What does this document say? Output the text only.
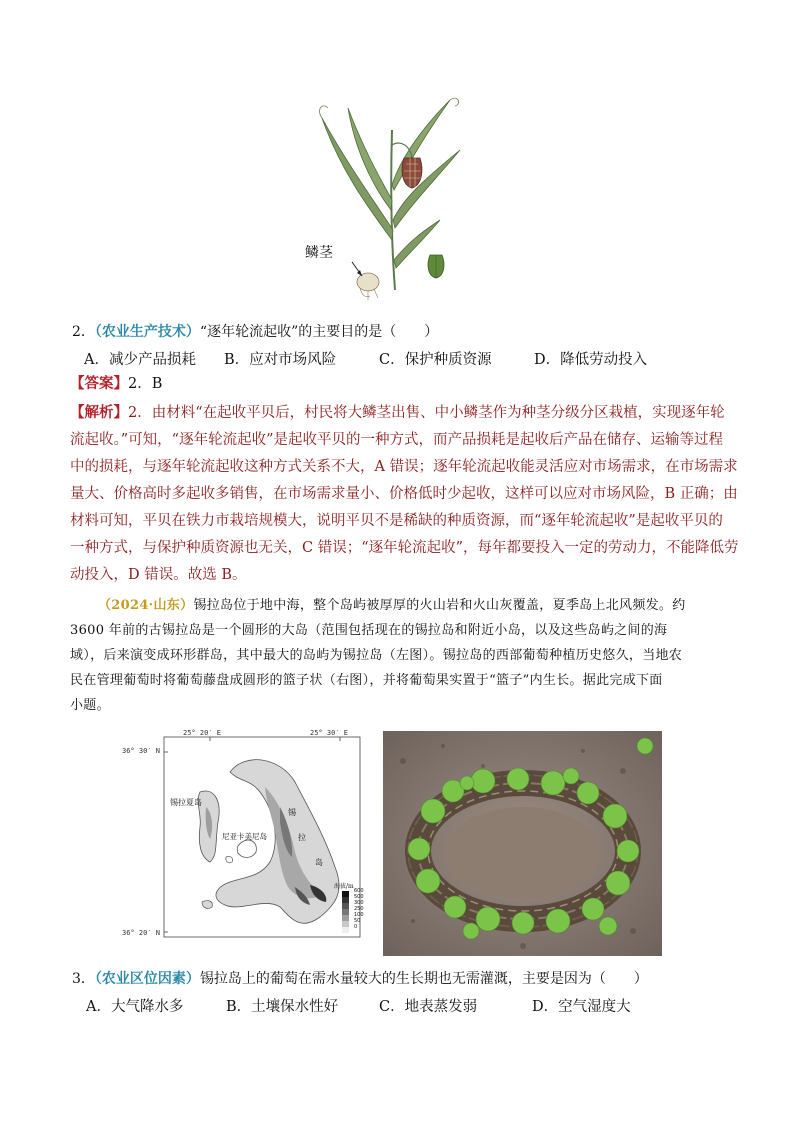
鳞茎
2．（农业生产技术）“逐年轮流起收”的主要目的是（　　）
A．减少产品损耗 B．应对市场风险	C．保护种质资源	D．降低劳动投入
【答案】2．B
【解析】2．由材料“在起收平贝后，村民将大鳞茎出售、中小鳞茎作为种茎分级分区栽植，实现逐年轮
流起收。”可知，“逐年轮流起收”是起收平贝的一种方式，而产品损耗是起收后产品在储存、运输等过程
中的损耗，与逐年轮流起收这种方式关系不大，A 错误；逐年轮流起收能灵活应对市场需求，在市场需求
量大、价格高时多起收多销售，在市场需求量小、价格低时少起收，这样可以应对市场风险，B 正确；由
材料可知，平贝在铁力市栽培规模大，说明平贝不是稀缺的种质资源，而“逐年轮流起收”是起收平贝的
一种方式，与保护种质资源也无关，C 错误；“逐年轮流起收”，每年都要投入一定的劳动力，不能降低劳
动投入，D 错误。故选 B。
（2024·山东）锡拉岛位于地中海，整个岛屿被厚厚的火山岩和火山灰覆盖，夏季岛上北风频发。约
3600 年前的古锡拉岛是一个圆形的大岛（范围包括现在的锡拉岛和附近小岛，以及这些岛屿之间的海
域），后来演变成环形群岛，其中最大的岛屿为锡拉岛（左图）。锡拉岛的西部葡萄种植历史悠久，当地农
民在管理葡萄时将葡萄藤盘成圆形的篮子状（右图），并将葡萄果实置于“篮子”内生长。据此完成下面
小题。
25° 20′ E	25° 30′ E
36° 30′ N
36° 20′ N
锡拉夏岛
尼亚卡美尼岛
锡
拉
岛
海拔/m
600
500
300
250
100
50
0
3．（农业区位因素）锡拉岛上的葡萄在需水量较大的生长期也无需灌溉，主要是因为（　　）
A．大气降水多	B．土壤保水性好	C．地表蒸发弱	D．空气湿度大
